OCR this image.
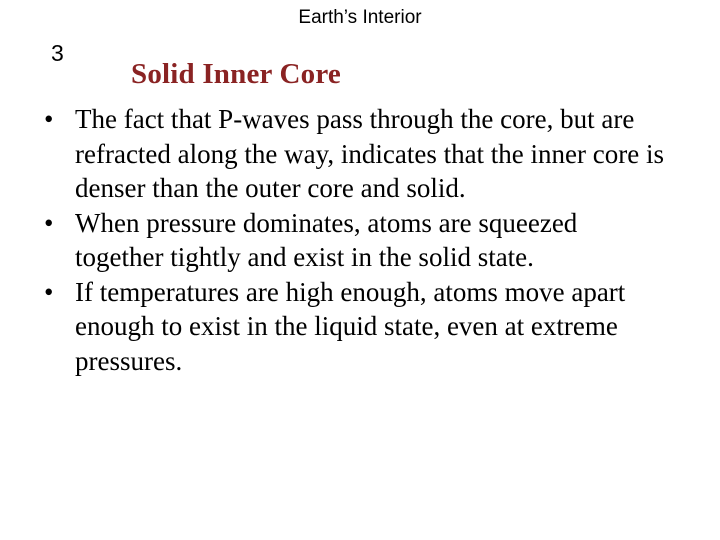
Earth’s Interior
3
Solid Inner Core
• The fact that P-waves pass through the core, but are refracted along the way, indicates that the inner core is denser than the outer core and solid.
• When pressure dominates, atoms are squeezed together tightly and exist in the solid state.
• If temperatures are high enough, atoms move apart enough to exist in the liquid state, even at extreme pressures.
